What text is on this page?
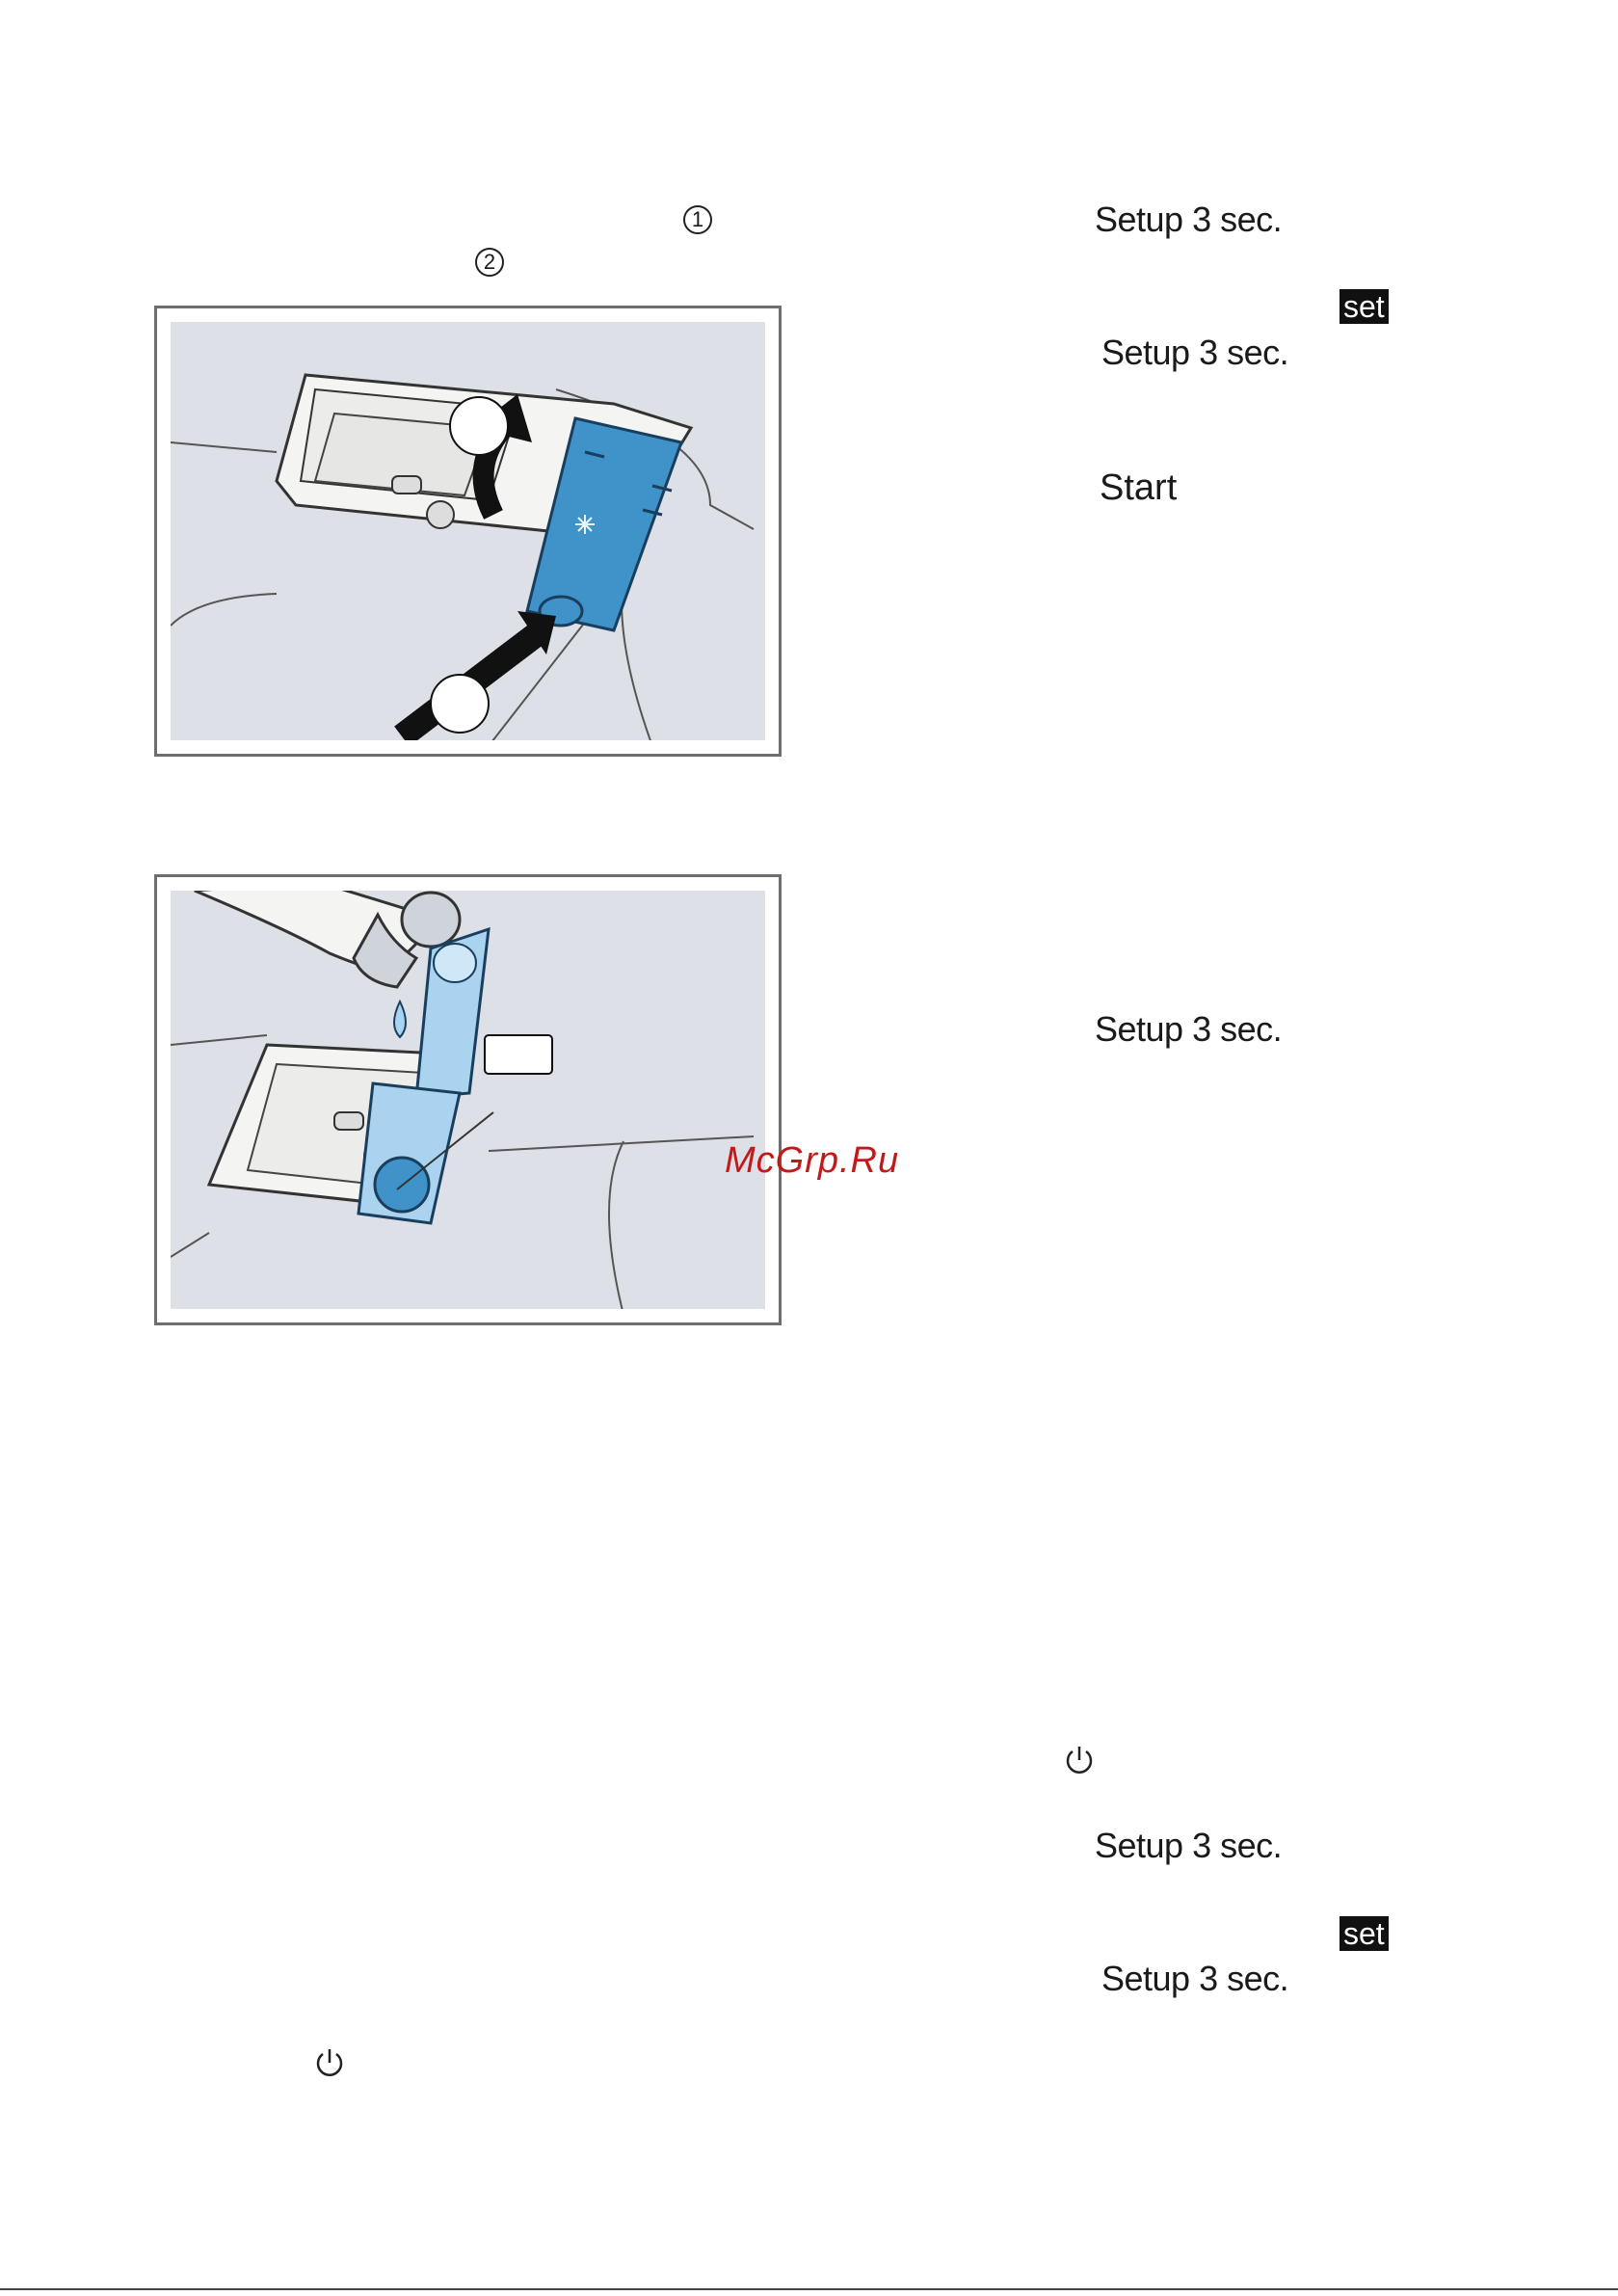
1
2
McGrp.Ru
Setup 3 sec.
set
Setup 3 sec.
Start
Setup 3 sec.
Setup 3 sec.
set
Setup 3 sec.
